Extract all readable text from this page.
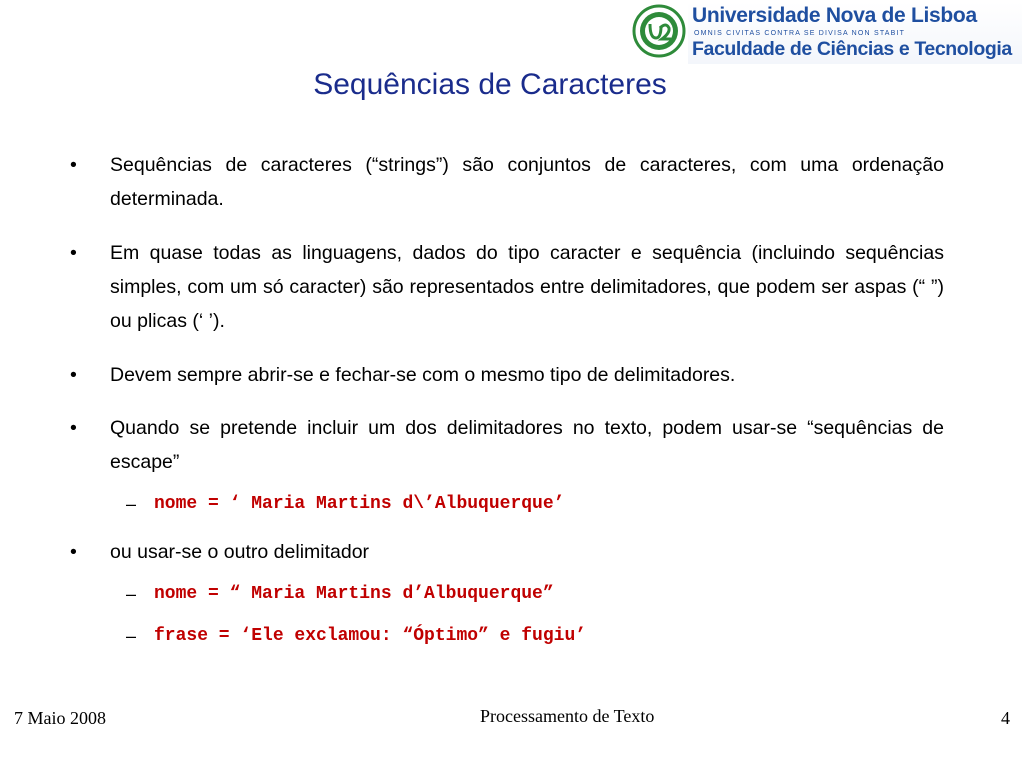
Universidade Nova de Lisboa
OMNIS CIVITAS CONTRA SE DIVISA NON STABIT
Faculdade de Ciências e Tecnologia
Sequências de Caracteres
• Sequências de caracteres (“strings”) são conjuntos de caracteres, com uma ordenação determinada.
• Em quase todas as linguagens, dados do tipo caracter e sequência (incluindo sequências simples, com um só caracter) são representados entre delimitadores, que podem ser aspas (“ ”) ou plicas (‘ ’).
• Devem sempre abrir-se e fechar-se com o mesmo tipo de delimitadores.
• Quando se pretende incluir um dos delimitadores no texto, podem usar-se “sequências de escape”
– nome = ‘ Maria Martins d\’Albuquerque’
• ou usar-se o outro delimitador
– nome = “ Maria Martins d’Albuquerque”
– frase = ‘Ele exclamou: “Óptimo” e fugiu’
7 Maio 2008	Processamento de Texto	4
